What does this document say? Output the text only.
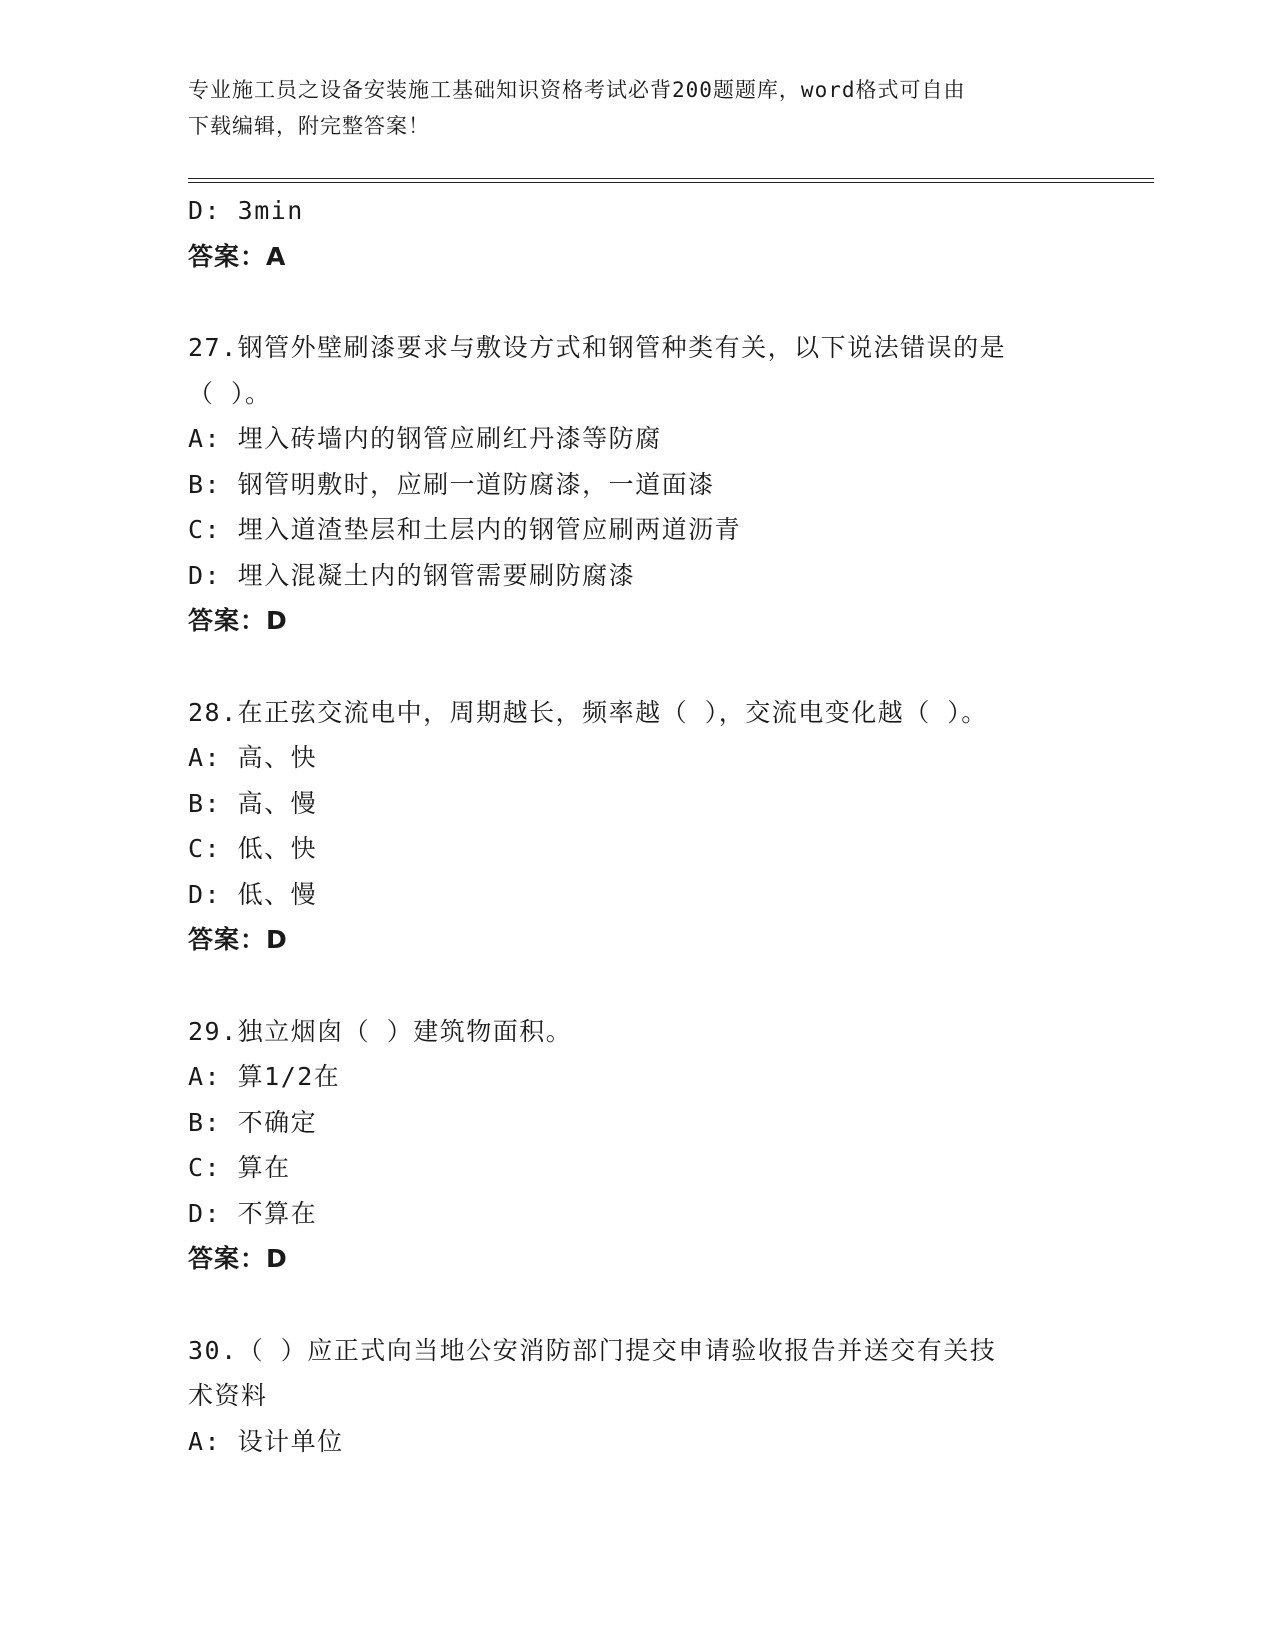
专业施工员之设备安装施工基础知识资格考试必背200题题库，word格式可自由
下载编辑，附完整答案！
D: 3min
答案：A
27.钢管外壁刷漆要求与敷设方式和钢管种类有关，以下说法错误的是
（ ）。
A: 埋入砖墙内的钢管应刷红丹漆等防腐
B: 钢管明敷时，应刷一道防腐漆，一道面漆
C: 埋入道渣垫层和土层内的钢管应刷两道沥青
D: 埋入混凝土内的钢管需要刷防腐漆
答案：D
28.在正弦交流电中，周期越长，频率越（ ），交流电变化越（ ）。
A: 高、快
B: 高、慢
C: 低、快
D: 低、慢
答案：D
29.独立烟囱（ ）建筑物面积。
A: 算1/2在
B: 不确定
C: 算在
D: 不算在
答案：D
30.（ ）应正式向当地公安消防部门提交申请验收报告并送交有关技
术资料
A: 设计单位
